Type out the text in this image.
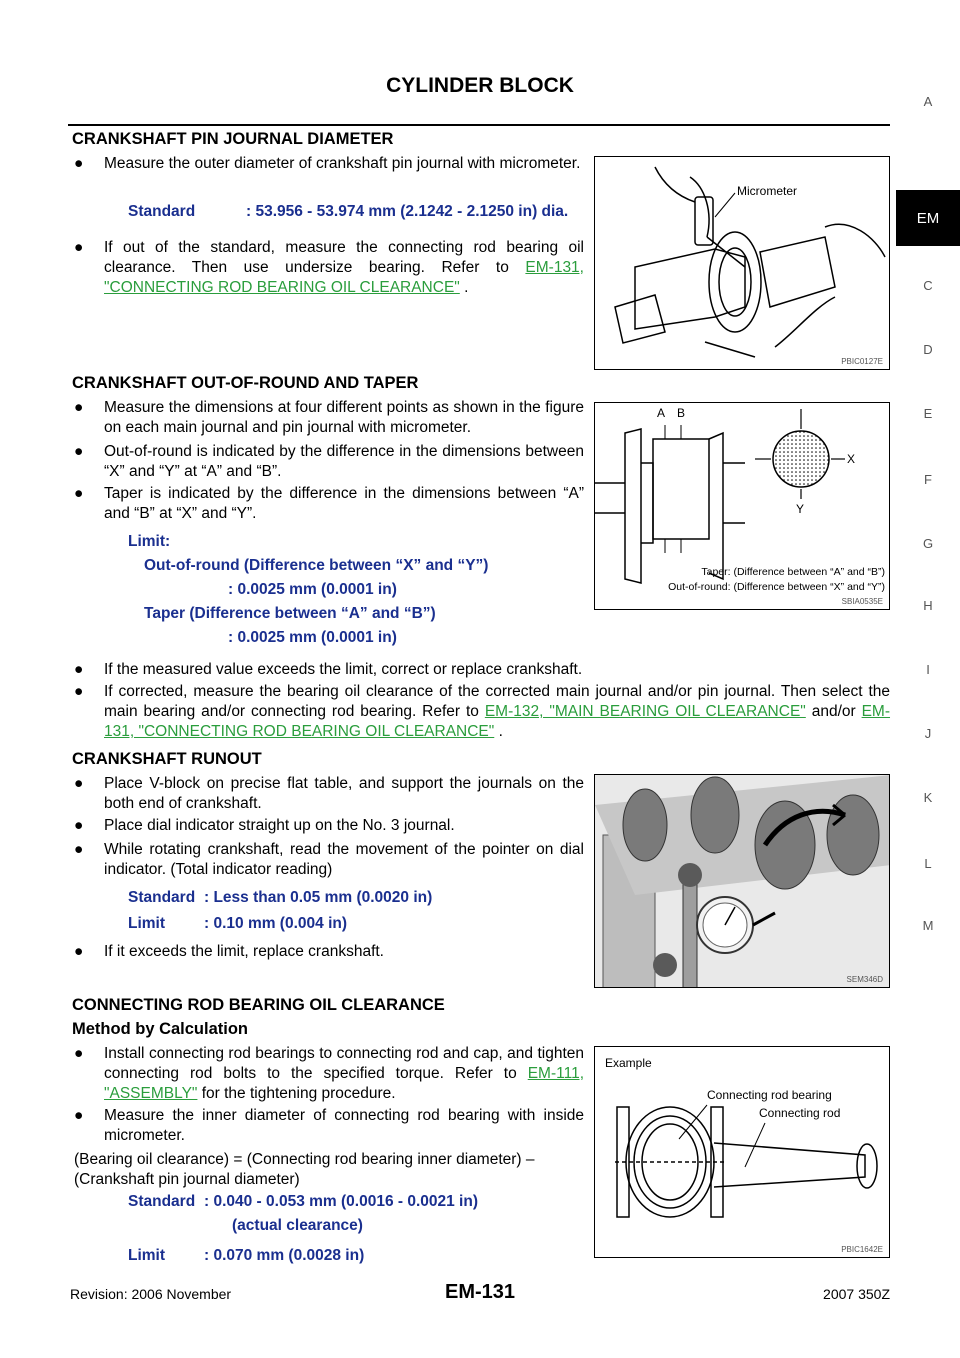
CYLINDER BLOCK
A
EM
C
D
E
F
G
H
I
J
K
L
M
CRANKSHAFT PIN JOURNAL DIAMETER
●	Measure the outer diameter of crankshaft pin journal with micrometer.
Standard	: 53.956 - 53.974 mm (2.1242 - 2.1250 in) dia.
●	If out of the standard, measure the connecting rod bearing oil clearance. Then use undersize bearing. Refer to EM-131, "CONNECTING ROD BEARING OIL CLEARANCE" .
Micrometer
PBIC0127E
CRANKSHAFT OUT-OF-ROUND AND TAPER
●	Measure the dimensions at four different points as shown in the figure on each main journal and pin journal with micrometer.
●	Out-of-round is indicated by the difference in the dimensions between “X” and “Y” at “A” and “B”.
●	Taper is indicated by the difference in the dimensions between “A” and “B” at “X” and “Y”.
Limit:
Out-of-round (Difference between “X” and “Y”)
: 0.0025 mm (0.0001 in)
Taper (Difference between “A” and “B”)
: 0.0025 mm (0.0001 in)
A B
X
Y
Taper: (Difference between “A” and “B”)
Out-of-round: (Difference between “X” and “Y”)
SBIA0535E
●	If the measured value exceeds the limit, correct or replace crankshaft.
●	If corrected, measure the bearing oil clearance of the corrected main journal and/or pin journal. Then select the main bearing and/or connecting rod bearing. Refer to EM-132, "MAIN BEARING OIL CLEARANCE" and/or EM-131, "CONNECTING ROD BEARING OIL CLEARANCE" .
CRANKSHAFT RUNOUT
●	Place V-block on precise flat table, and support the journals on the both end of crankshaft.
●	Place dial indicator straight up on the No. 3 journal.
●	While rotating crankshaft, read the movement of the pointer on dial indicator. (Total indicator reading)
Standard : Less than 0.05 mm (0.0020 in)
Limit	: 0.10 mm (0.004 in)
●	If it exceeds the limit, replace crankshaft.
SEM346D
CONNECTING ROD BEARING OIL CLEARANCE
Method by Calculation
●	Install connecting rod bearings to connecting rod and cap, and tighten connecting rod bolts to the specified torque. Refer to EM-111, "ASSEMBLY" for the tightening procedure.
●	Measure the inner diameter of connecting rod bearing with inside micrometer.
(Bearing oil clearance) = (Connecting rod bearing inner diameter) – (Crankshaft pin journal diameter)
Standard : 0.040 - 0.053 mm (0.0016 - 0.0021 in)
(actual clearance)

Limit	: 0.070 mm (0.0028 in)
Example
Connecting rod bearing
Connecting rod
PBIC1642E
Revision: 2006 November	EM-131	2007 350Z
